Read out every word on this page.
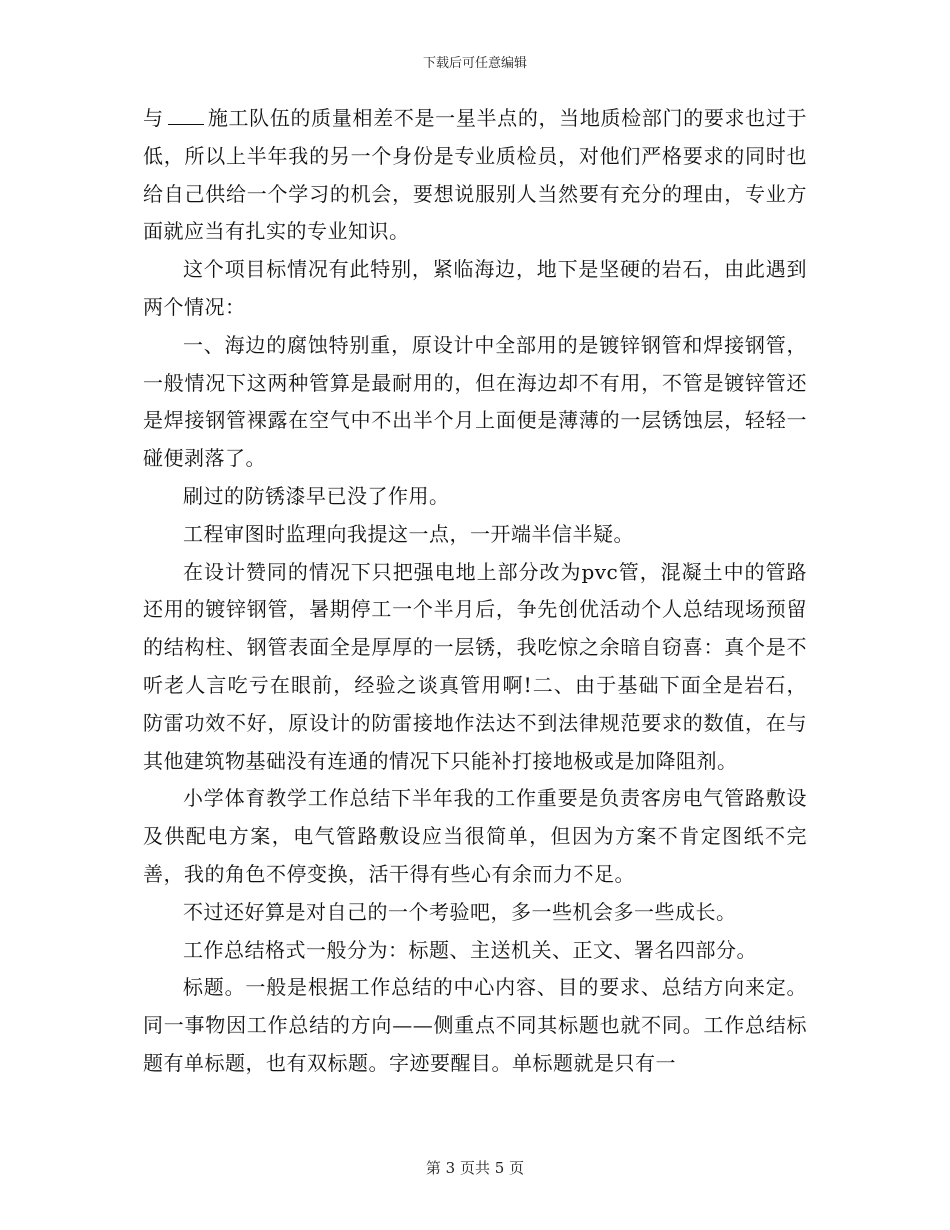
下载后可任意编辑

与 施工队伍的质量相差不是一星半点的，当地质检部门的要求也过于低，所以上半年我的另一个身份是专业质检员，对他们严格要求的同时也给自己供给一个学习的机会，要想说服别人当然要有充分的理由，专业方面就应当有扎实的专业知识。

这个项目标情况有此特别，紧临海边，地下是坚硬的岩石，由此遇到两个情况：

一、海边的腐蚀特别重，原设计中全部用的是镀锌钢管和焊接钢管，一般情况下这两种管算是最耐用的，但在海边却不有用，不管是镀锌管还是焊接钢管裸露在空气中不出半个月上面便是薄薄的一层锈蚀层，轻轻一碰便剥落了。

刷过的防锈漆早已没了作用。

工程审图时监理向我提这一点，一开端半信半疑。

在设计赞同的情况下只把强电地上部分改为pvc管，混凝土中的管路还用的镀锌钢管，暑期停工一个半月后，争先创优活动个人总结现场预留的结构柱、钢管表面全是厚厚的一层锈，我吃惊之余暗自窃喜：真个是不听老人言吃亏在眼前，经验之谈真管用啊!二、由于基础下面全是岩石，防雷功效不好，原设计的防雷接地作法达不到法律规范要求的数值，在与其他建筑物基础没有连通的情况下只能补打接地极或是加降阻剂。

小学体育教学工作总结下半年我的工作重要是负责客房电气管路敷设及供配电方案，电气管路敷设应当很简单，但因为方案不肯定图纸不完善，我的角色不停变换，活干得有些心有余而力不足。

不过还好算是对自己的一个考验吧，多一些机会多一些成长。

工作总结格式一般分为：标题、主送机关、正文、署名四部分。

标题。一般是根据工作总结的中心内容、目的要求、总结方向来定。同一事物因工作总结的方向——侧重点不同其标题也就不同。工作总结标题有单标题，也有双标题。字迹要醒目。单标题就是只有一

第 3 页共 5 页
